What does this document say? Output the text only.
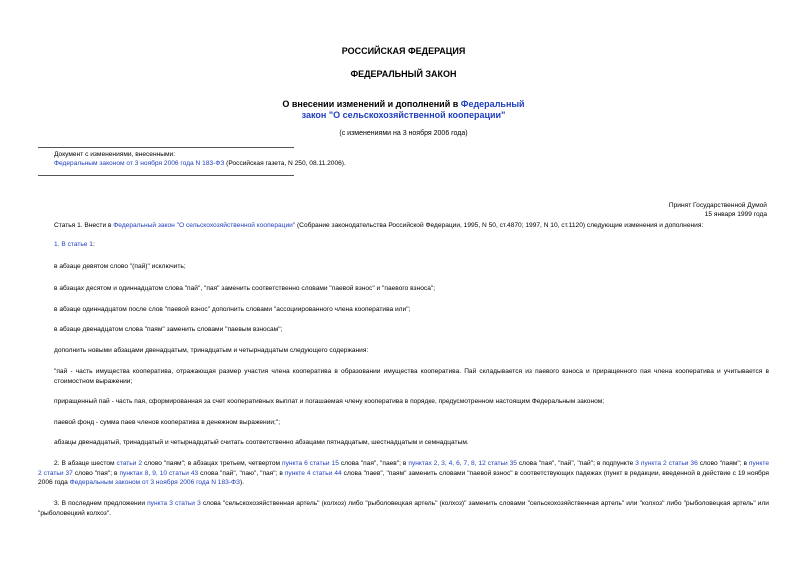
РОССИЙСКАЯ ФЕДЕРАЦИЯ
ФЕДЕРАЛЬНЫЙ ЗАКОН
О внесении изменений и дополнений в Федеральный
закон "О сельскохозяйственной кооперации"
(с изменениями на 3 ноября 2006 года)
Документ с изменениями, внесенными:
Федеральным законом от 3 ноября 2006 года N 183-ФЗ (Российская газета, N 250, 08.11.2006).
Принят Государственной Думой
15 января 1999 года
Статья 1. Внести в Федеральный закон "О сельскохозяйственной кооперации" (Собрание законодательства Российской Федерации, 1995, N 50, ст.4870; 1997, N 10, ст.1120) следующие изменения и дополнения:
1. В статье 1:
в абзаце девятом слово "(пай)" исключить;
в абзацах десятом и одиннадцатом слова "пай", "пая" заменить соответственно словами "паевой взнос" и "паевого взноса";
в абзаце одиннадцатом после слов "паевой взнос" дополнить словами "ассоциированного члена кооператива или";
в абзаце двенадцатом слова "паям" заменить словами "паевым взносам";
дополнить новыми абзацами двенадцатым, тринадцатым и четырнадцатым следующего содержания:
"пай - часть имущества кооператива, отражающая размер участия члена кооператива в образовании имущества кооператива. Пай складывается из паевого взноса и приращенного пая члена кооператива и учитывается в стоимостном выражении;
приращенный пай - часть пая, сформированная за счет кооперативных выплат и погашаемая члену кооператива в порядке, предусмотренном настоящим Федеральным законом;
паевой фонд - сумма паев членов кооператива в денежном выражении;";
абзацы двенадцатый, тринадцатый и четырнадцатый считать соответственно абзацами пятнадцатым, шестнадцатым и семнадцатым.
2. В абзаце шестом статьи 2 слово "паям"; в абзацах третьем, четвертом пункта 6 статьи 15 слова "пая", "паев"; в пунктах 2, 3, 4, 6, 7, 8, 12 статьи 35 слова "пая", "пай", "пай"; в подпункте 3 пункта 2 статьи 36 слово "паям"; в пункте 2 статьи 37 слово "пая"; в пунктах 8, 9, 10 статьи 43 слова "пай", "паю", "пая"; в пункте 4 статьи 44 слова "паев", "паям" заменить словами "паевой взнос" в соответствующих падежах (пункт в редакции, введенной в действие с 19 ноября 2006 года Федеральным законом от 3 ноября 2006 года N 183-ФЗ).
3. В последнем предложении пункта 3 статьи 3 слова "сельскохозяйственная артель" (колхоз) либо "рыболовецкая артель" (колхоз)" заменить словами "сельскохозяйственная артель" или "колхоз" либо "рыболовецкая артель" или "рыболовецкий колхоз".
